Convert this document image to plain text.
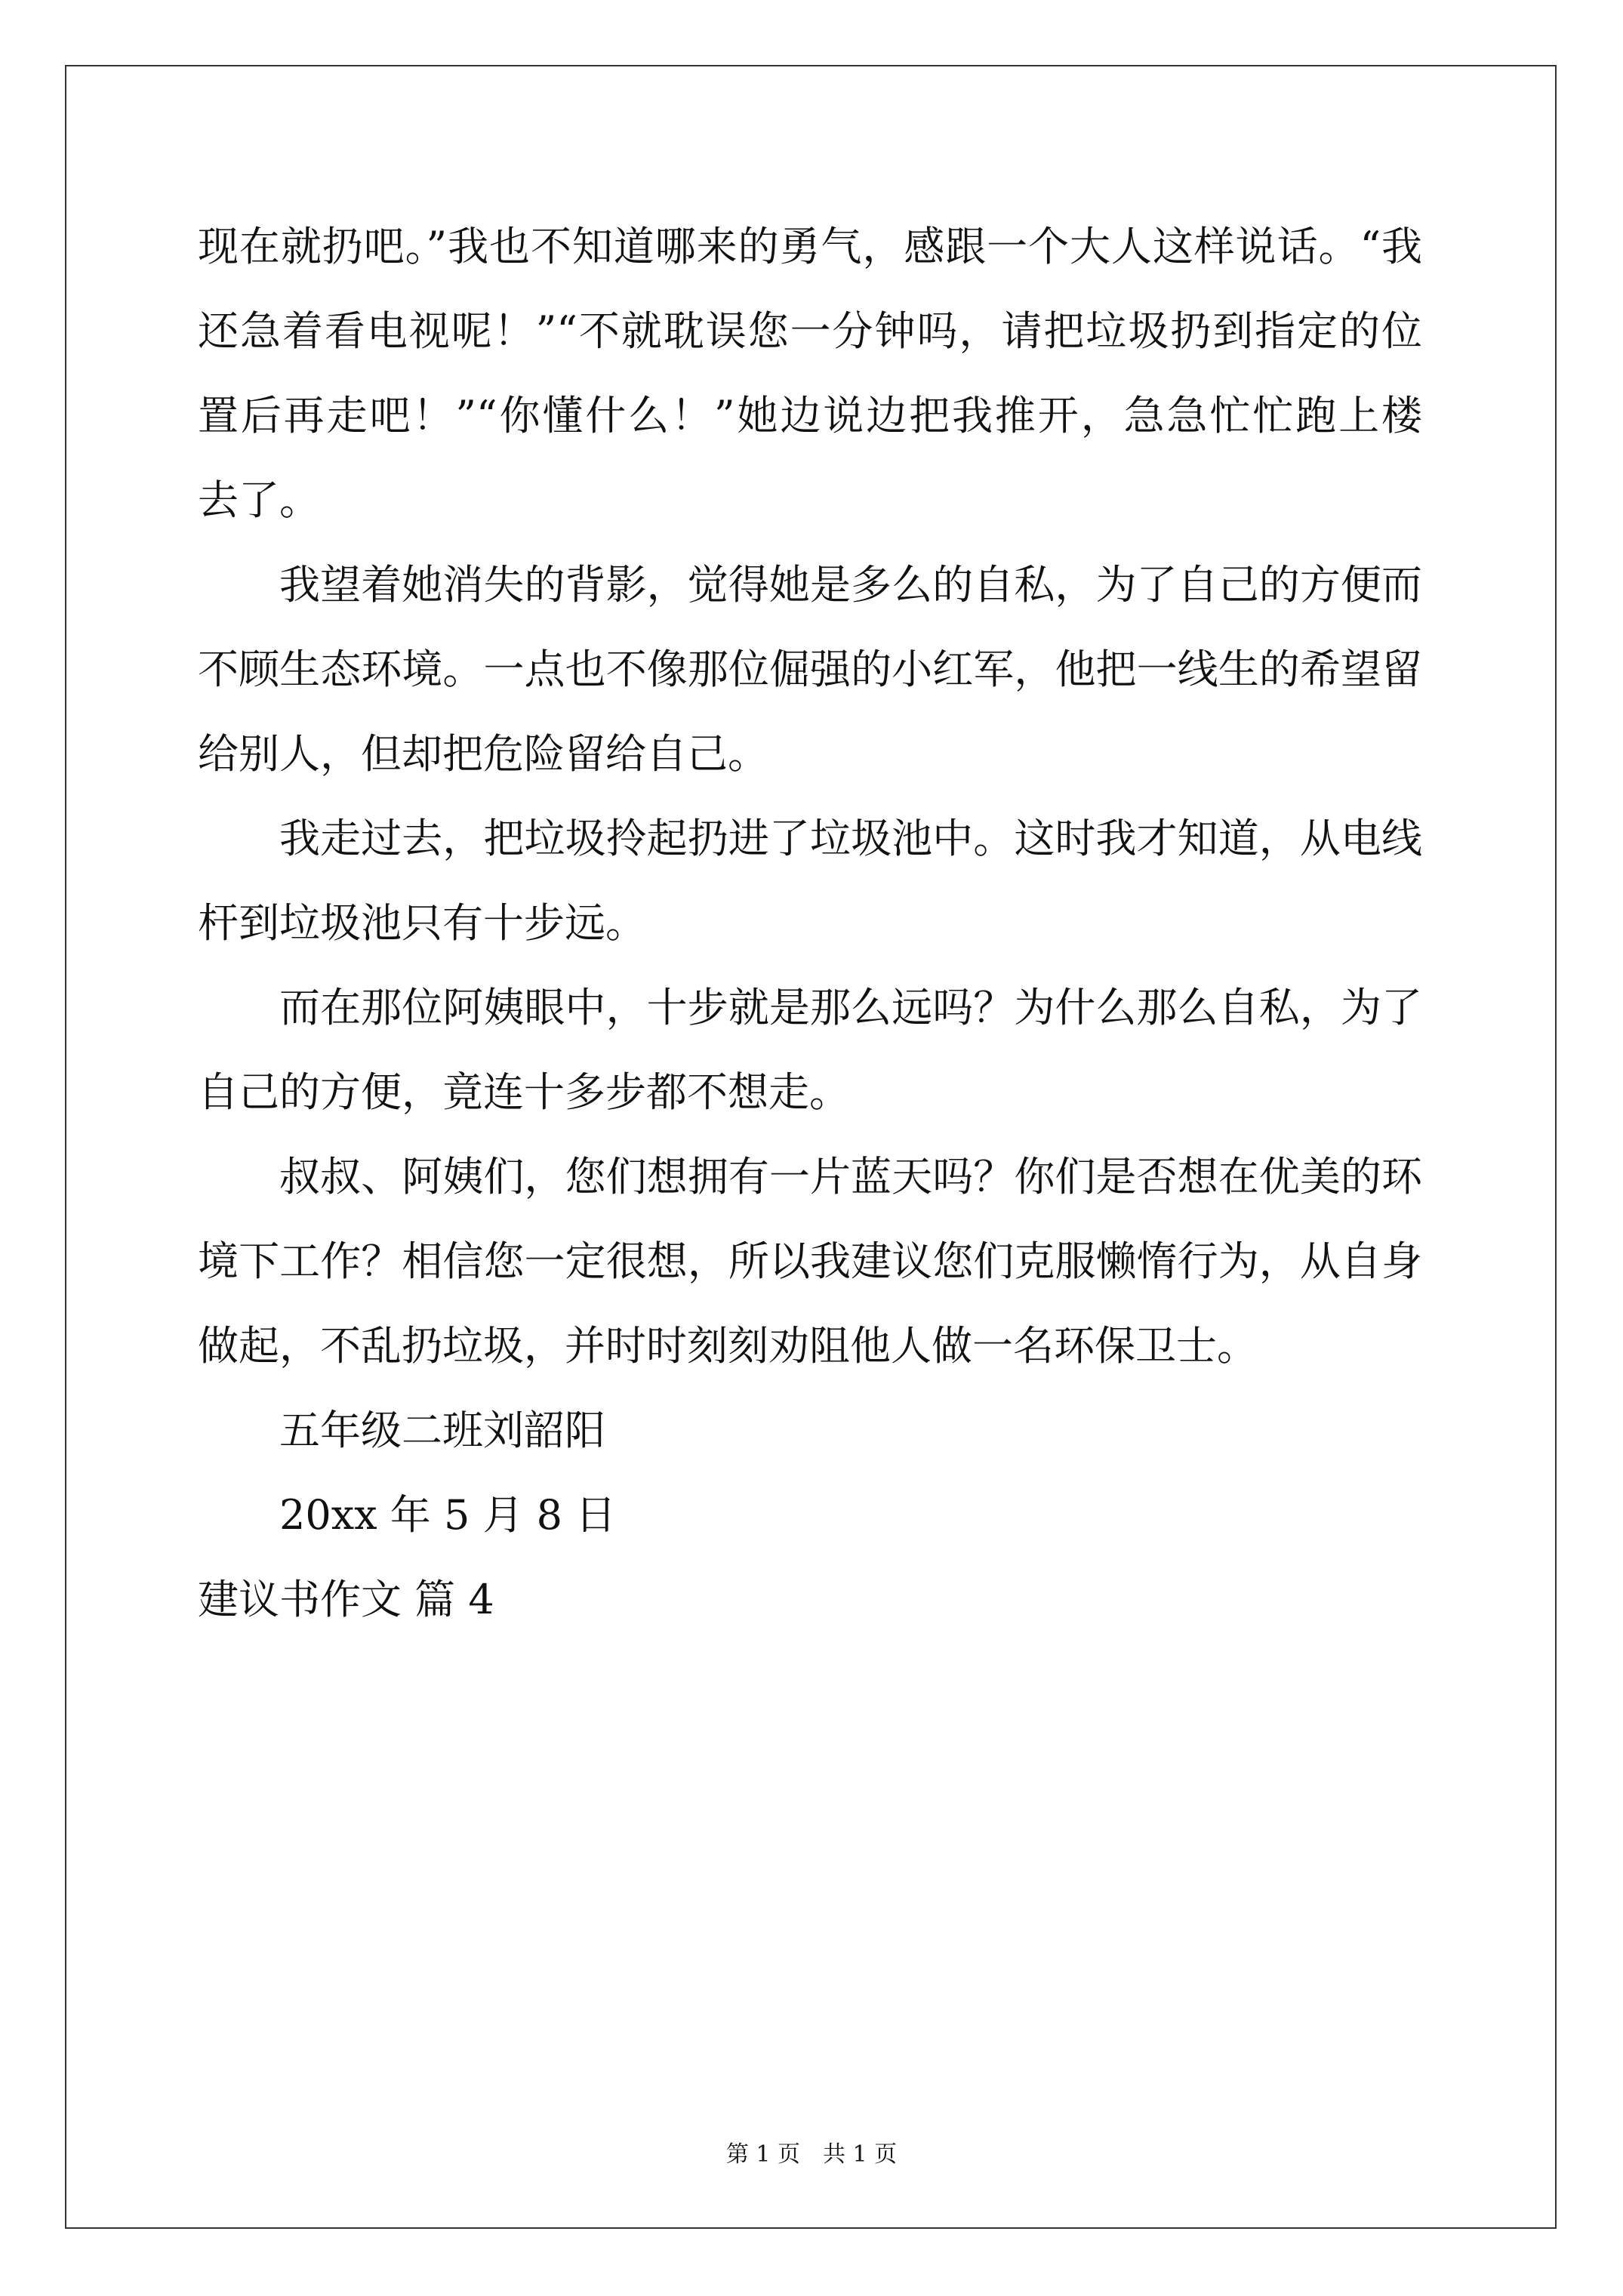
现在就扔吧。”我也不知道哪来的勇气，感跟一个大人这样说话。“我
还急着看电视呢！”“不就耽误您一分钟吗，请把垃圾扔到指定的位
置后再走吧！”“你懂什么！”她边说边把我推开，急急忙忙跑上楼
去了。
我望着她消失的背影，觉得她是多么的自私，为了自己的方便而
不顾生态环境。一点也不像那位倔强的小红军，他把一线生的希望留
给别人，但却把危险留给自己。
我走过去，把垃圾拎起扔进了垃圾池中。这时我才知道，从电线
杆到垃圾池只有十步远。
而在那位阿姨眼中，十步就是那么远吗？为什么那么自私，为了
自己的方便，竟连十多步都不想走。
叔叔、阿姨们，您们想拥有一片蓝天吗？你们是否想在优美的环
境下工作？相信您一定很想，所以我建议您们克服懒惰行为，从自身
做起，不乱扔垃圾，并时时刻刻劝阻他人做一名环保卫士。
五年级二班刘韶阳
20xx 年 5 月 8 日
建议书作文 篇 4
第 1 页　共 1 页
